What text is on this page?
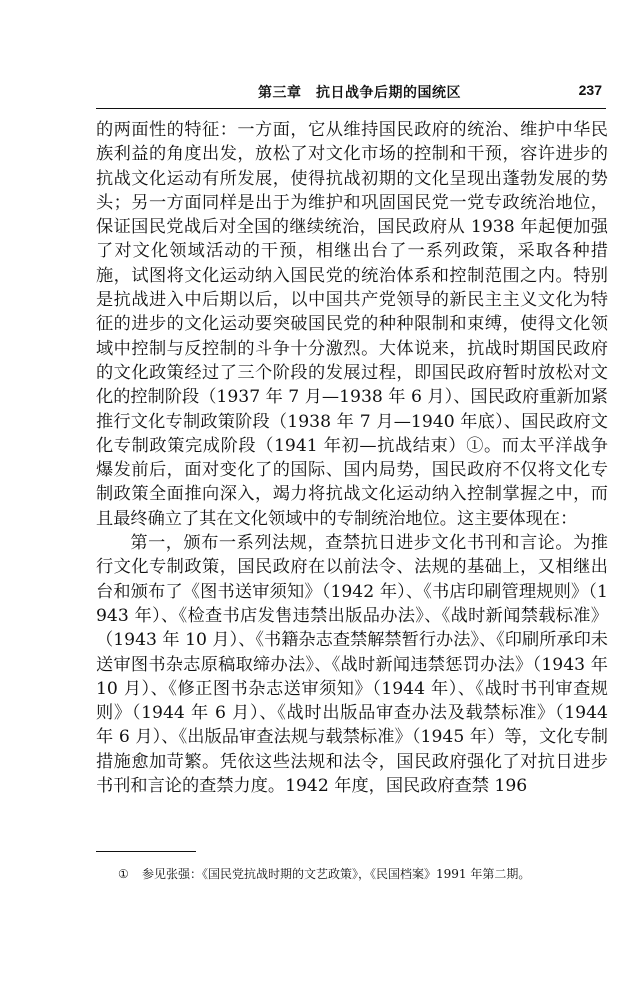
第三章　抗日战争后期的国统区	237

的两面性的特征：一方面，它从维持国民政府的统治、维护中华民族利益的角度出发，放松了对文化市场的控制和干预，容许进步的抗战文化运动有所发展，使得抗战初期的文化呈现出蓬勃发展的势头；另一方面同样是出于为维护和巩固国民党一党专政统治地位，保证国民党战后对全国的继续统治，国民政府从 1938 年起便加强了对文化领域活动的干预，相继出台了一系列政策，采取各种措施，试图将文化运动纳入国民党的统治体系和控制范围之内。特别是抗战进入中后期以后，以中国共产党领导的新民主主义文化为特征的进步的文化运动要突破国民党的种种限制和束缚，使得文化领域中控制与反控制的斗争十分激烈。大体说来，抗战时期国民政府的文化政策经过了三个阶段的发展过程，即国民政府暂时放松对文化的控制阶段（1937 年 7 月—1938 年 6 月）、国民政府重新加紧推行文化专制政策阶段（1938 年 7 月—1940 年底）、国民政府文化专制政策完成阶段（1941 年初—抗战结束）①。而太平洋战争爆发前后，面对变化了的国际、国内局势，国民政府不仅将文化专制政策全面推向深入，竭力将抗战文化运动纳入控制掌握之中，而且最终确立了其在文化领域中的专制统治地位。这主要体现在：

第一，颁布一系列法规，查禁抗日进步文化书刊和言论。为推行文化专制政策，国民政府在以前法令、法规的基础上，又相继出台和颁布了《图书送审须知》（1942 年）、《书店印刷管理规则》（1943 年）、《检查书店发售违禁出版品办法》、《战时新闻禁载标准》（1943 年 10 月）、《书籍杂志查禁解禁暂行办法》、《印刷所承印未送审图书杂志原稿取缔办法》、《战时新闻违禁惩罚办法》（1943 年 10 月）、《修正图书杂志送审须知》（1944 年）、《战时书刊审查规则》（1944 年 6 月）、《战时出版品审查办法及载禁标准》（1944 年 6 月）、《出版品审查法规与载禁标准》（1945 年）等，文化专制措施愈加苛繁。凭依这些法规和法令，国民政府强化了对抗日进步书刊和言论的查禁力度。1942 年度，国民政府查禁 196

① 参见张强：《国民党抗战时期的文艺政策》，《民国档案》1991 年第二期。
